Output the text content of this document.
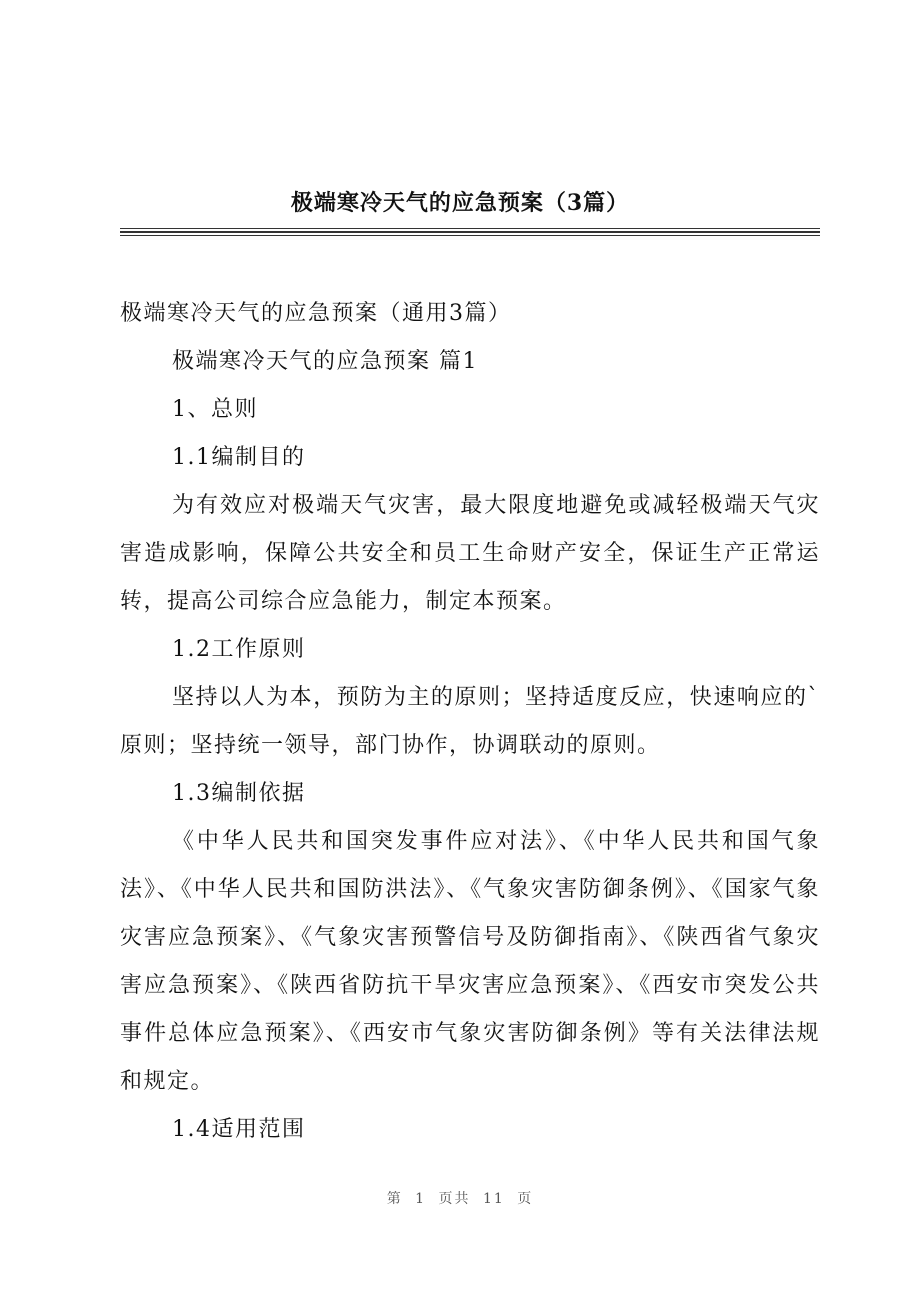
极端寒冷天气的应急预案（3篇）

极端寒冷天气的应急预案（通用3篇）

极端寒冷天气的应急预案 篇1

1、总则

1.1编制目的

为有效应对极端天气灾害，最大限度地避免或减轻极端天气灾害造成影响，保障公共安全和员工生命财产安全，保证生产正常运转，提高公司综合应急能力，制定本预案。

1.2工作原则

坚持以人为本，预防为主的原则；坚持适度反应，快速响应的`原则；坚持统一领导，部门协作，协调联动的原则。

1.3编制依据

《中华人民共和国突发事件应对法》、《中华人民共和国气象法》、《中华人民共和国防洪法》、《气象灾害防御条例》、《国家气象灾害应急预案》、《气象灾害预警信号及防御指南》、《陕西省气象灾害应急预案》、《陕西省防抗干旱灾害应急预案》、《西安市突发公共事件总体应急预案》、《西安市气象灾害防御条例》等有关法律法规和规定。

1.4适用范围

第 1 页共 11 页
